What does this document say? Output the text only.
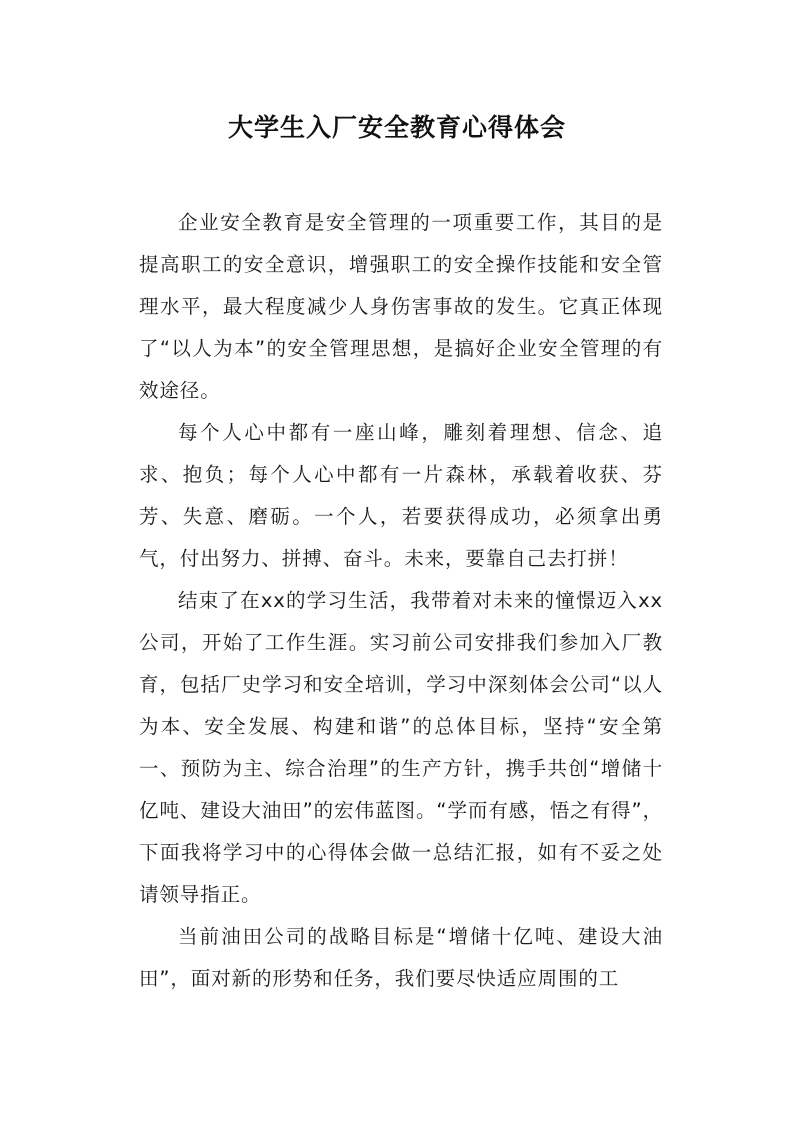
大学生入厂安全教育心得体会

企业安全教育是安全管理的一项重要工作，其目的是提高职工的安全意识，增强职工的安全操作技能和安全管理水平，最大程度减少人身伤害事故的发生。它真正体现了“以人为本”的安全管理思想，是搞好企业安全管理的有效途径。

每个人心中都有一座山峰，雕刻着理想、信念、追求、抱负；每个人心中都有一片森林，承载着收获、芬芳、失意、磨砺。一个人，若要获得成功，必须拿出勇气，付出努力、拼搏、奋斗。未来，要靠自己去打拼！

结束了在xx的学习生活，我带着对未来的憧憬迈入xx公司，开始了工作生涯。实习前公司安排我们参加入厂教育，包括厂史学习和安全培训，学习中深刻体会公司“以人为本、安全发展、构建和谐”的总体目标，坚持“安全第一、预防为主、综合治理”的生产方针，携手共创“增储十亿吨、建设大油田”的宏伟蓝图。“学而有感，悟之有得”，下面我将学习中的心得体会做一总结汇报，如有不妥之处请领导指正。

当前油田公司的战略目标是“增储十亿吨、建设大油田”，面对新的形势和任务，我们要尽快适应周围的工
